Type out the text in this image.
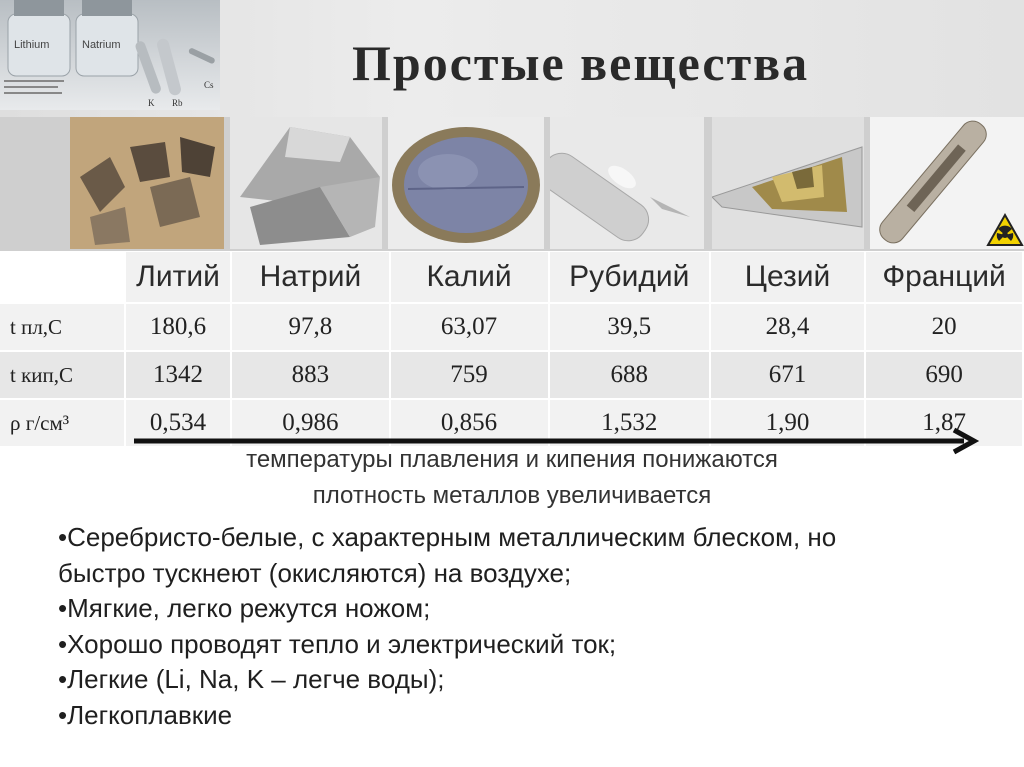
Lithium	Natrium
K Rb
Cs	Простые вещества
	Литий	Натрий	Калий	Рубидий	Цезий	Франций
t пл,С	180,6	97,8	63,07	39,5	28,4	20
t кип,С	1342	883	759	688	671	690
ρ г/см³	0,534	0,986	0,856	1,532	1,90	1,87
температуры плавления и кипения понижаются
плотность металлов увеличивается
•Серебристо-белые, с характерным металлическим блеском, но
быстро тускнеют (окисляются) на воздухе;
•Мягкие, легко режутся ножом;
•Хорошо проводят тепло и электрический ток;
•Легкие (Li, Na, K – легче воды);
•Легкоплавкие
